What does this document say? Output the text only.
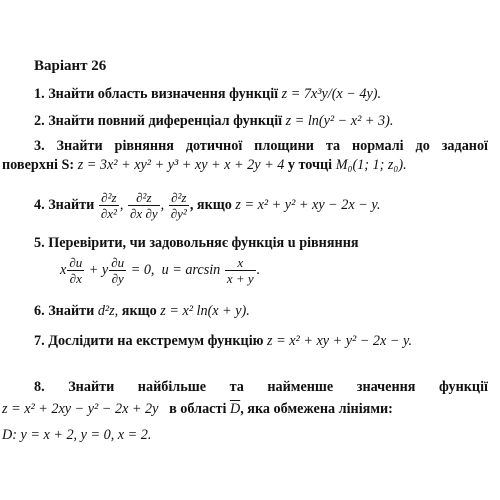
Варіант 26
1. Знайти область визначення функції z = 7x³y/(x − 4y).
2. Знайти повний диференціал функції z = ln(y² − x² + 3).
3. Знайти рівняння дотичної площини та нормалі до заданої
поверхні S: z = 3x² + xy² + y³ + xy + x + 2y + 4 у точці M₀(1; 1; z₀).
4. Знайти $\frac{\text{∂²z}}{\text{∂x²}}$ , $\frac{\text{∂²z}}{\partial x \partial y}$ , $\frac{\text{∂²z}}{\text{∂y²}}$ , якщо z = x² + y² + xy − 2x − y.
5. Перевірити, чи задовольняє функція u рівняння
x $\frac{\partial u}{\partial x} + y \frac{\partial u}{\partial y} = 0$, $u = \arcsin \frac{x}{x + y}$ .
6. Знайти d²z, якщо z = x² ln(x + y).
7. Дослідити на екстремум функцію z = x² + xy + y² − 2x − y.
8. Знайти найбільше та найменше значення функції
z = x² + 2xy − y² − 2x + 2y в області $\overline{D}$, яка обмежена лініями:
D: y = x + 2, y = 0, x = 2.
